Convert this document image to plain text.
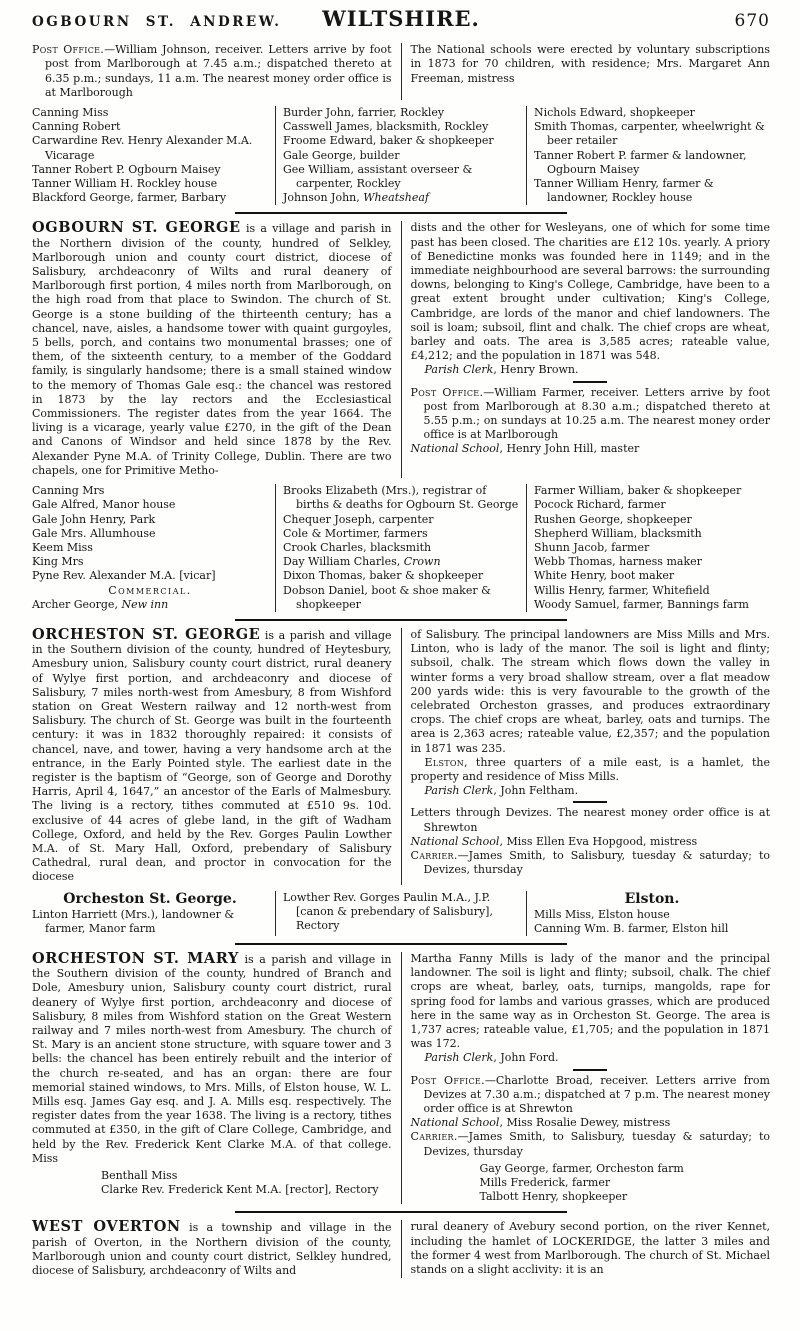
OGBOURN ST. ANDREW.	WILTSHIRE.	670

Post Office.—William Johnson, receiver. Letters arrive by foot post from Marlborough at 7.45 a.m.; dispatched thereto at 6.35 p.m.; sundays, 11 a.m. The nearest money order office is at Marlborough

The National schools were erected by voluntary subscriptions in 1873 for 70 children, with residence; Mrs. Margaret Ann Freeman, mistress

Canning Miss

Canning Robert

Carwardine Rev. Henry Alexander M.A. Vicarage

Tanner Robert P. Ogbourn Maisey

Tanner William H. Rockley house

Blackford George, farmer, Barbary

Burder John, farrier, Rockley

Casswell James, blacksmith, Rockley

Froome Edward, baker & shopkeeper

Gale George, builder

Gee William, assistant overseer & carpenter, Rockley

Johnson John, Wheatsheaf

Nichols Edward, shopkeeper

Smith Thomas, carpenter, wheelwright & beer retailer

Tanner Robert P. farmer & landowner, Ogbourn Maisey

Tanner William Henry, farmer & landowner, Rockley house

OGBOURN ST. GEORGE is a village and parish in the Northern division of the county, hundred of Selkley, Marlborough union and county court district, diocese of Salisbury, archdeaconry of Wilts and rural deanery of Marlborough first portion, 4 miles north from Marlborough, on the high road from that place to Swindon. The church of St. George is a stone building of the thirteenth century; has a chancel, nave, aisles, a handsome tower with quaint gurgoyles, 5 bells, porch, and contains two monumental brasses; one of them, of the sixteenth century, to a member of the Goddard family, is singularly handsome; there is a small stained window to the memory of Thomas Gale esq.: the chancel was restored in 1873 by the lay rectors and the Ecclesiastical Commissioners. The register dates from the year 1664. The living is a vicarage, yearly value £270, in the gift of the Dean and Canons of Windsor and held since 1878 by the Rev. Alexander Pyne M.A. of Trinity College, Dublin. There are two chapels, one for Primitive Metho-

dists and the other for Wesleyans, one of which for some time past has been closed. The charities are £12 10s. yearly. A priory of Benedictine monks was founded here in 1149; and in the immediate neighbourhood are several barrows: the surrounding downs, belonging to King's College, Cambridge, have been to a great extent brought under cultivation; King's College, Cambridge, are lords of the manor and chief landowners. The soil is loam; subsoil, flint and chalk. The chief crops are wheat, barley and oats. The area is 3,585 acres; rateable value, £4,212; and the population in 1871 was 548.

Parish Clerk, Henry Brown.

Post Office.—William Farmer, receiver. Letters arrive by foot post from Marlborough at 8.30 a.m.; dispatched thereto at 5.55 p.m.; on sundays at 10.25 a.m. The nearest money order office is at Marlborough

National School, Henry John Hill, master

Canning Mrs

Gale Alfred, Manor house

Gale John Henry, Park

Gale Mrs. Allumhouse

Keem Miss

King Mrs

Pyne Rev. Alexander M.A. [vicar]

Commercial.

Archer George, New inn

Brooks Elizabeth (Mrs.), registrar of births & deaths for Ogbourn St. George

Chequer Joseph, carpenter

Cole & Mortimer, farmers

Crook Charles, blacksmith

Day William Charles, Crown

Dixon Thomas, baker & shopkeeper

Dobson Daniel, boot & shoe maker & shopkeeper

Farmer William, baker & shopkeeper

Pocock Richard, farmer

Rushen George, shopkeeper

Shepherd William, blacksmith

Shunn Jacob, farmer

Webb Thomas, harness maker

White Henry, boot maker

Willis Henry, farmer, Whitefield

Woody Samuel, farmer, Bannings farm

ORCHESTON ST. GEORGE is a parish and village in the Southern division of the county, hundred of Heytesbury, Amesbury union, Salisbury county court district, rural deanery of Wylye first portion, and archdeaconry and diocese of Salisbury, 7 miles north-west from Amesbury, 8 from Wishford station on Great Western railway and 12 north-west from Salisbury. The church of St. George was built in the fourteenth century: it was in 1832 thoroughly repaired: it consists of chancel, nave, and tower, having a very handsome arch at the entrance, in the Early Pointed style. The earliest date in the register is the baptism of “George, son of George and Dorothy Harris, April 4, 1647,” an ancestor of the Earls of Malmesbury. The living is a rectory, tithes commuted at £510 9s. 10d. exclusive of 44 acres of glebe land, in the gift of Wadham College, Oxford, and held by the Rev. Gorges Paulin Lowther M.A. of St. Mary Hall, Oxford, prebendary of Salisbury Cathedral, rural dean, and proctor in convocation for the diocese

of Salisbury. The principal landowners are Miss Mills and Mrs. Linton, who is lady of the manor. The soil is light and flinty; subsoil, chalk. The stream which flows down the valley in winter forms a very broad shallow stream, over a flat meadow 200 yards wide: this is very favourable to the growth of the celebrated Orcheston grasses, and produces extraordinary crops. The chief crops are wheat, barley, oats and turnips. The area is 2,363 acres; rateable value, £2,357; and the population in 1871 was 235.

Elston, three quarters of a mile east, is a hamlet, the property and residence of Miss Mills.

Parish Clerk, John Feltham.

Letters through Devizes. The nearest money order office is at Shrewton

National School, Miss Ellen Eva Hopgood, mistress

Carrier.—James Smith, to Salisbury, tuesday & saturday; to Devizes, thursday

Orcheston St. George.

Linton Harriett (Mrs.), landowner & farmer, Manor farm

Lowther Rev. Gorges Paulin M.A., J.P. [canon & prebendary of Salisbury], Rectory

Elston.

Mills Miss, Elston house

Canning Wm. B. farmer, Elston hill

ORCHESTON ST. MARY is a parish and village in the Southern division of the county, hundred of Branch and Dole, Amesbury union, Salisbury county court district, rural deanery of Wylye first portion, archdeaconry and diocese of Salisbury, 8 miles from Wishford station on the Great Western railway and 7 miles north-west from Amesbury. The church of St. Mary is an ancient stone structure, with square tower and 3 bells: the chancel has been entirely rebuilt and the interior of the church re-seated, and has an organ: there are four memorial stained windows, to Mrs. Mills, of Elston house, W. L. Mills esq. James Gay esq. and J. A. Mills esq. respectively. The register dates from the year 1638. The living is a rectory, tithes commuted at £350, in the gift of Clare College, Cambridge, and held by the Rev. Frederick Kent Clarke M.A. of that college. Miss

Benthall Miss

Clarke Rev. Frederick Kent M.A. [rector], Rectory

Martha Fanny Mills is lady of the manor and the principal landowner. The soil is light and flinty; subsoil, chalk. The chief crops are wheat, barley, oats, turnips, mangolds, rape for spring food for lambs and various grasses, which are produced here in the same way as in Orcheston St. George. The area is 1,737 acres; rateable value, £1,705; and the population in 1871 was 172.

Parish Clerk, John Ford.

Post Office.—Charlotte Broad, receiver. Letters arrive from Devizes at 7.30 a.m.; dispatched at 7 p.m. The nearest money order office is at Shrewton

National School, Miss Rosalie Dewey, mistress

Carrier.—James Smith, to Salisbury, tuesday & saturday; to Devizes, thursday

Gay George, farmer, Orcheston farm

Mills Frederick, farmer

Talbott Henry, shopkeeper

WEST OVERTON is a township and village in the parish of Overton, in the Northern division of the county, Marlborough union and county court district, Selkley hundred, diocese of Salisbury, archdeaconry of Wilts and

rural deanery of Avebury second portion, on the river Kennet, including the hamlet of LOCKERIDGE, the latter 3 miles and the former 4 west from Marlborough. The church of St. Michael stands on a slight acclivity: it is an
